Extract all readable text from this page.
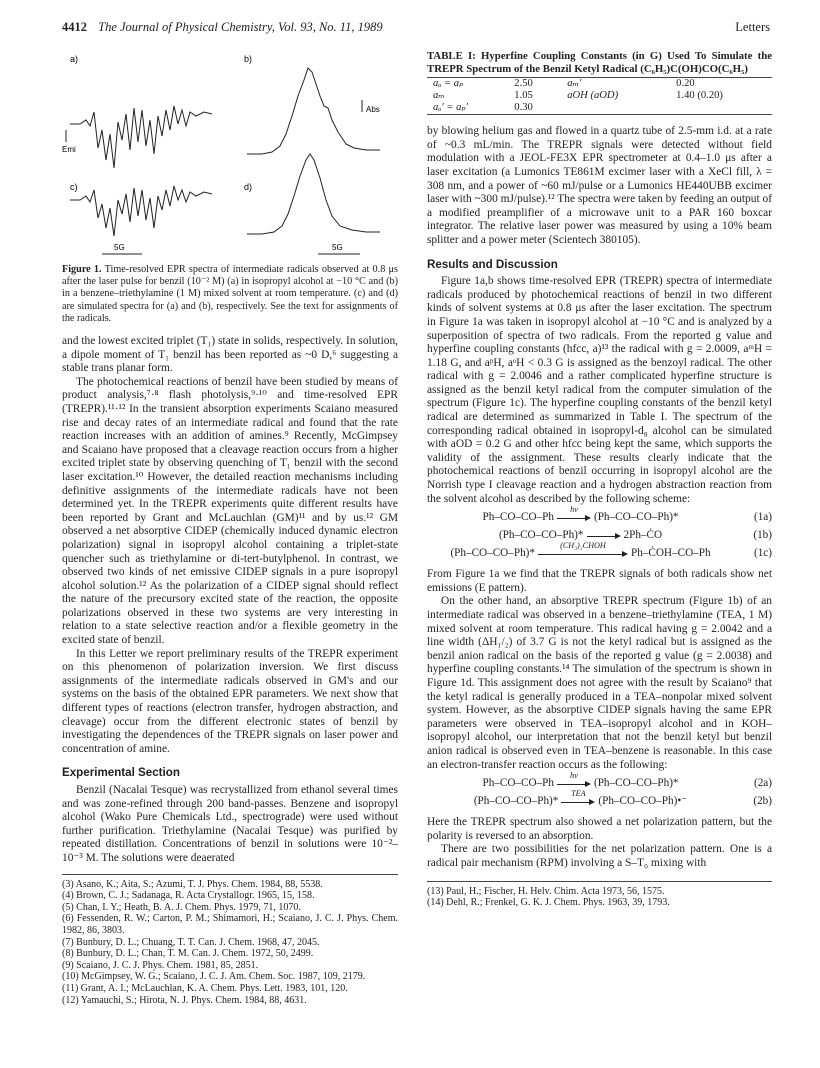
4412 The Journal of Physical Chemistry, Vol. 93, No. 11, 1989	Letters
a)	b)
c)	d)
Emi
Abs
5G	5G
Figure 1. Time-resolved EPR spectra of intermediate radicals observed at 0.8 μs after the laser pulse for benzil (10⁻² M) (a) in isopropyl alcohol at −10 °C and (b) in a benzene–triethylamine (1 M) mixed solvent at room temperature. (c) and (d) are simulated spectra for (a) and (b), respectively. See the text for assignments of the radicals.

and the lowest excited triplet (T₁) state in solids, respectively. In solution, a dipole moment of T₁ benzil has been reported as ~0 D,⁶ suggesting a stable trans planar form.

The photochemical reactions of benzil have been studied by means of product analysis,⁷·⁸ flash photolysis,⁹·¹⁰ and time-resolved EPR (TREPR).¹¹·¹² In the transient absorption experiments Scaiano measured rise and decay rates of an intermediate radical and found that the rate reaction increases with an addition of amines.⁹ Recently, McGimpsey and Scaiano have proposed that a cleavage reaction occurs from a higher excited triplet state by observing quenching of T₁ benzil with the second laser excitation.¹⁰ However, the detailed reaction mechanisms including definitive assignments of the intermediate radicals have not been determined yet. In the TREPR experiments quite different results have been reported by Grant and McLauchlan (GM)¹¹ and by us.¹² GM observed a net absorptive CIDEP (chemically induced dynamic electron polarization) signal in isopropyl alcohol containing a triplet-state quencher such as triethylamine or di-tert-butylphenol. In contrast, we observed two kinds of net emissive CIDEP signals in a pure isopropyl alcohol solution.¹² As the polarization of a CIDEP signal should reflect the nature of the precursory excited state of the reaction, the opposite polarizations observed in these two systems are very interesting in relation to a state selective reaction and/or a flexible geometry in the excited state of benzil.

In this Letter we report preliminary results of the TREPR experiment on this phenomenon of polarization inversion. We first discuss assignments of the intermediate radicals observed in GM's and our systems on the basis of the obtained EPR parameters. We next show that different types of reactions (electron transfer, hydrogen abstraction, and cleavage) occur from the different electronic states of benzil by investigating the dependences of the TREPR signals on laser power and concentration of amine.

Experimental Section

Benzil (Nacalai Tesque) was recrystallized from ethanol several times and was zone-refined through 200 band-passes. Benzene and isopropyl alcohol (Wako Pure Chemicals Ltd., spectrograde) were used without further purification. Triethylamine (Nacalai Tesque) was purified by repeated distillation. Concentrations of benzil in solutions were 10⁻²–10⁻³ M. The solutions were deaerated

(3) Asano, K.; Aita, S.; Azumi, T. J. Phys. Chem. 1984, 88, 5538.
(4) Brown, C. J.; Sadanaga, R. Acta Crystallogr. 1965, 15, 158.
(5) Chan, I. Y.; Heath, B. A. J. Chem. Phys. 1979, 71, 1070.
(6) Fessenden, R. W.; Carton, P. M.; Shimamori, H.; Scaiano, J. C. J. Phys. Chem. 1982, 86, 3803.
(7) Bunbury, D. L.; Chuang, T. T. Can. J. Chem. 1968, 47, 2045.
(8) Bunbury, D. L.; Chan, T. M. Can. J. Chem. 1972, 50, 2499.
(9) Scaiano, J. C. J. Phys. Chem. 1981, 85, 2851.
(10) McGimpsey, W. G.; Scaiano, J. C. J. Am. Chem. Soc. 1987, 109, 2179.
(11) Grant, A. I.; McLauchlan, K. A. Chem. Phys. Lett. 1983, 101, 120.
(12) Yamauchi, S.; Hirota, N. J. Phys. Chem. 1984, 88, 4631.
TABLE I: Hyperfine Coupling Constants (in G) Used To Simulate the TREPR Spectrum of the Benzil Ketyl Radical (C₆H₅)C(OH)CO(C₆H₅)
aₒ = aₚ	2.50	aₘ′	0.20
aₘ	1.05	aOH (aOD)	1.40 (0.20)
aₒ′ = aₚ′	0.30		

by blowing helium gas and flowed in a quartz tube of 2.5-mm i.d. at a rate of ~0.3 mL/min. The TREPR signals were detected without field modulation with a JEOL-FE3X EPR spectrometer at 0.4–1.0 μs after a laser excitation (a Lumonics TE861M excimer laser with a XeCl fill, λ = 308 nm, and a power of ~60 mJ/pulse or a Lumonics HE440UBB excimer laser with ~300 mJ/pulse).¹² The spectra were taken by feeding an output of a modified preamplifier of a microwave unit to a PAR 160 boxcar integrator. The relative laser power was measured by using a 10% beam splitter and a power meter (Scientech 380105).

Results and Discussion

Figure 1a,b shows time-resolved EPR (TREPR) spectra of intermediate radicals produced by photochemical reactions of benzil in two different kinds of solvent systems at 0.8 μs after the laser excitation. The spectrum in Figure 1a was taken in isopropyl alcohol at −10 °C and is analyzed by a superposition of spectra of two radicals. From the reported g value and hyperfine coupling constants (hfcc, a)¹³ the radical with g = 2.0009, aᵐH = 1.18 G, and aᵖH, aᵒH < 0.3 G is assigned as the benzoyl radical. The other radical with g = 2.0046 and a rather complicated hyperfine structure is assigned as the benzil ketyl radical from the computer simulation of the spectrum (Figure 1c). The hyperfine coupling constants of the benzil ketyl radical are determined as summarized in Table I. The spectrum of the corresponding radical obtained in isopropyl-d₈ alcohol can be simulated with aOD = 0.2 G and other hfcc being kept the same, which supports the validity of the assignment. These results clearly indicate that the photochemical reactions of benzil occurring in isopropyl alcohol are the Norrish type I cleavage reaction and a hydrogen abstraction reaction from the solvent alcohol as described by the following scheme:

Ph–CO–CO–Ph
hν
(Ph–CO–CO–Ph)*	(1a)
(Ph–CO–CO–Ph)*	2Ph–ĊO	(1b)
(Ph–CO–CO–Ph)*
(CH₃)₂CHOH
Ph–ĊOH–CO–Ph	(1c)

From Figure 1a we find that the TREPR signals of both radicals show net emissions (E pattern).

On the other hand, an absorptive TREPR spectrum (Figure 1b) of an intermediate radical was observed in a benzene–triethylamine (TEA, 1 M) mixed solvent at room temperature. This radical having g = 2.0042 and a line width (ΔH₁/₂) of 3.7 G is not the ketyl radical but is assigned as the benzil anion radical on the basis of the reported g value (g = 2.0038) and hyperfine coupling constants.¹⁴ The simulation of the spectrum is shown in Figure 1d. This assignment does not agree with the result by Scaiano⁹ that the ketyl radical is generally produced in a TEA–nonpolar mixed solvent system. However, as the absorptive CIDEP signals having the same EPR parameters were observed in TEA–isopropyl alcohol and in KOH–isopropyl alcohol, our interpretation that not the benzil ketyl but benzil anion radical is observed even in TEA–benzene is reasonable. In this case an electron-transfer reaction occurs as the following:

Ph–CO–CO–Ph
hν
(Ph–CO–CO–Ph)*	(2a)
(Ph–CO–CO–Ph)*
TEA
(Ph–CO–CO–Ph)•⁻	(2b)

Here the TREPR spectrum also showed a net polarization pattern, but the polarity is reversed to an absorption.

There are two possibilities for the net polarization pattern. One is a radical pair mechanism (RPM) involving a S–T₀ mixing with

(13) Paul, H.; Fischer, H. Helv. Chim. Acta 1973, 56, 1575.
(14) Dehl, R.; Frenkel, G. K. J. Chem. Phys. 1963, 39, 1793.
